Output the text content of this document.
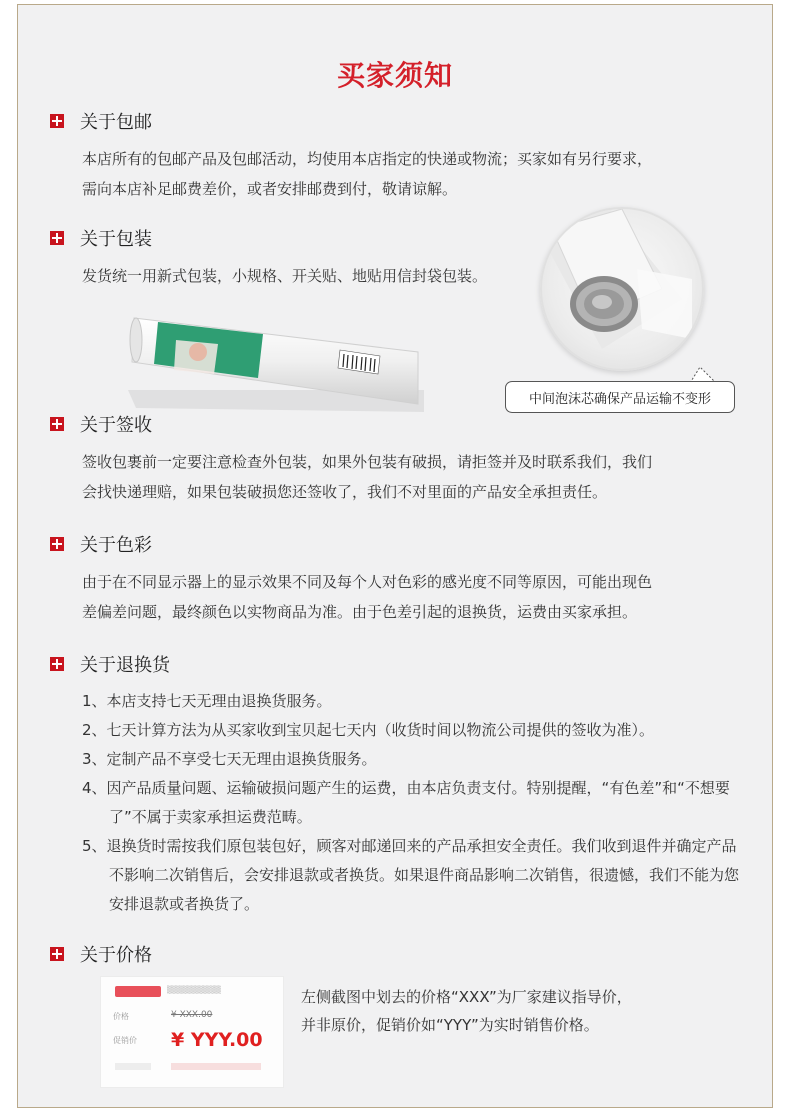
买家须知
关于包邮
本店所有的包邮产品及包邮活动，均使用本店指定的快递或物流；买家如有另行要求，
需向本店补足邮费差价，或者安排邮费到付，敬请谅解。
关于包装
发货统一用新式包装，小规格、开关贴、地贴用信封袋包装。
中间泡沫芯确保产品运输不变形
关于签收
签收包裹前一定要注意检查外包装，如果外包装有破损，请拒签并及时联系我们，我们
会找快递理赔，如果包装破损您还签收了，我们不对里面的产品安全承担责任。
关于色彩
由于在不同显示器上的显示效果不同及每个人对色彩的感光度不同等原因，可能出现色
差偏差问题，最终颜色以实物商品为准。由于色差引起的退换货，运费由买家承担。
关于退换货
1、本店支持七天无理由退换货服务。
2、七天计算方法为从买家收到宝贝起七天内（收货时间以物流公司提供的签收为准）。
3、定制产品不享受七天无理由退换货服务。
4、因产品质量问题、运输破损问题产生的运费，由本店负责支付。特别提醒，“有色差”和“不想要了”不属于卖家承担运费范畴。
5、退换货时需按我们原包装包好，顾客对邮递回来的产品承担安全责任。我们收到退件并确定产品不影响二次销售后，会安排退款或者换货。如果退件商品影响二次销售，很遗憾，我们不能为您安排退款或者换货了。
关于价格
▒▒▒▒▒▒▒▒▒▒
价格	¥ XXX.00
促销价 ¥ YYY.00
左侧截图中划去的价格“XXX”为厂家建议指导价，
并非原价，促销价如“YYY”为实时销售价格。
